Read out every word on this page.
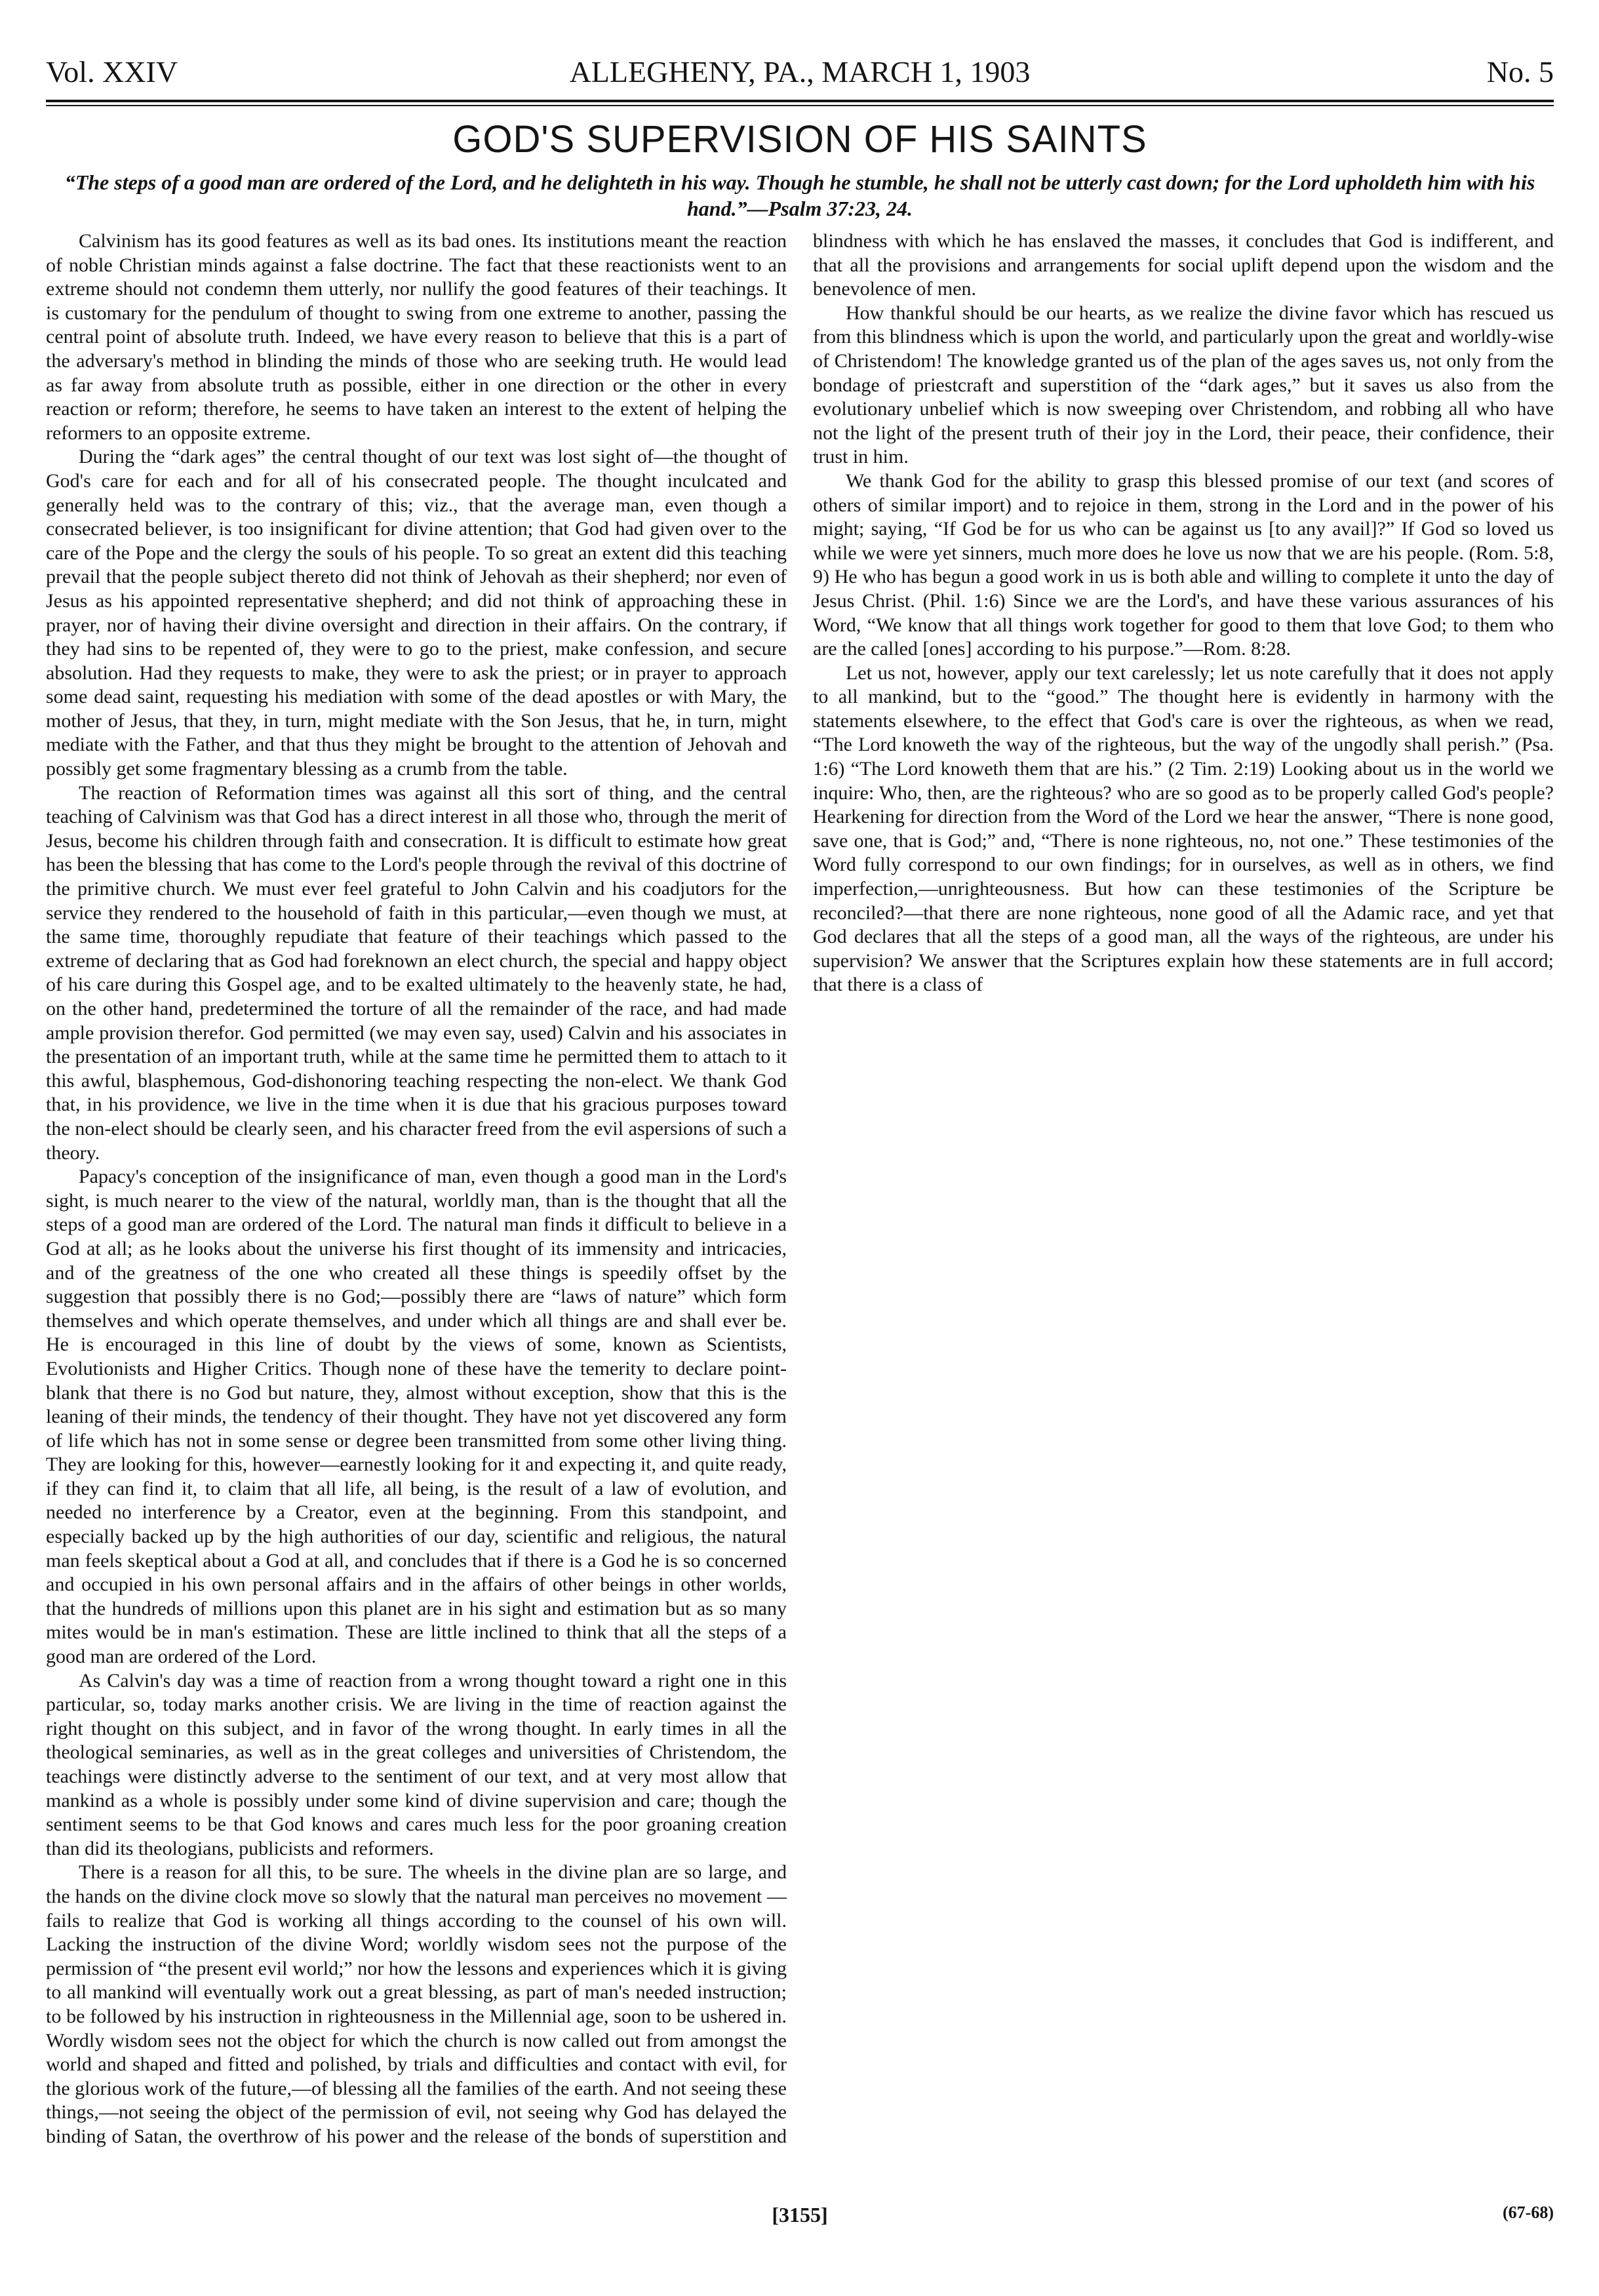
Vol. XXIV	ALLEGHENY, PA., MARCH 1, 1903	No. 5
GOD'S SUPERVISION OF HIS SAINTS
“The steps of a good man are ordered of the Lord, and he delighteth in his way. Though he stumble, he shall not be utterly cast down; for the Lord upholdeth him with his hand.”—Psalm 37:23, 24.

Calvinism has its good features as well as its bad ones. Its institutions meant the reaction of noble Christian minds against a false doctrine. The fact that these reactionists went to an extreme should not condemn them utterly, nor nullify the good features of their teachings. It is customary for the pendulum of thought to swing from one extreme to another, passing the central point of absolute truth. Indeed, we have every reason to believe that this is a part of the adversary's method in blinding the minds of those who are seeking truth. He would lead as far away from absolute truth as possible, either in one direction or the other in every reaction or reform; therefore, he seems to have taken an interest to the extent of helping the reformers to an opposite extreme.

During the “dark ages” the central thought of our text was lost sight of—the thought of God's care for each and for all of his consecrated people. The thought inculcated and generally held was to the contrary of this; viz., that the average man, even though a consecrated believer, is too insignificant for divine attention; that God had given over to the care of the Pope and the clergy the souls of his people. To so great an extent did this teaching prevail that the people subject thereto did not think of Jehovah as their shepherd; nor even of Jesus as his appointed representative shepherd; and did not think of approaching these in prayer, nor of having their divine oversight and direction in their affairs. On the contrary, if they had sins to be repented of, they were to go to the priest, make confession, and secure absolution. Had they requests to make, they were to ask the priest; or in prayer to approach some dead saint, requesting his mediation with some of the dead apostles or with Mary, the mother of Jesus, that they, in turn, might mediate with the Son Jesus, that he, in turn, might mediate with the Father, and that thus they might be brought to the attention of Jehovah and possibly get some fragmentary blessing as a crumb from the table.

The reaction of Reformation times was against all this sort of thing, and the central teaching of Calvinism was that God has a direct interest in all those who, through the merit of Jesus, become his children through faith and consecration. It is difficult to estimate how great has been the blessing that has come to the Lord's people through the revival of this doctrine of the primitive church. We must ever feel grateful to John Calvin and his coadjutors for the service they rendered to the household of faith in this particular,—even though we must, at the same time, thoroughly repudiate that feature of their teachings which passed to the extreme of declaring that as God had foreknown an elect church, the special and happy object of his care during this Gospel age, and to be exalted ultimately to the heavenly state, he had, on the other hand, predetermined the torture of all the remainder of the race, and had made ample provision therefor. God permitted (we may even say, used) Calvin and his associates in the presentation of an important truth, while at the same time he permitted them to attach to it this awful, blasphemous, God-dishonoring teaching respecting the non-elect. We thank God that, in his providence, we live in the time when it is due that his gracious purposes toward the non-elect should be clearly seen, and his character freed from the evil aspersions of such a theory.

Papacy's conception of the insignificance of man, even though a good man in the Lord's sight, is much nearer to the view of the natural, worldly man, than is the thought that all the steps of a good man are ordered of the Lord. The natural man finds it difficult to believe in a God at all; as he looks about the universe his first thought of its immensity and intricacies, and of the greatness of the one who created all these things is speedily offset by the suggestion that possibly there is no God;—possibly there are “laws of nature” which form themselves and which operate themselves, and under which all things are and shall ever be. He is encouraged in this line of doubt by the views of some, known as Scientists, Evolutionists and Higher Critics. Though none of these have the temerity to declare point-blank that there is no God but nature, they, almost without exception, show that this is the leaning of their minds, the tendency of their thought. They have not yet discovered any form of life which has not in some sense or degree been transmitted from some other living thing. They are looking for this, however—earnestly looking for it and expecting it, and quite ready, if they can find it, to claim that all life, all being, is the result of a law of evolution, and needed no interference by a Creator, even at the beginning. From this standpoint, and especially backed up by the high authorities of our day, scientific and religious, the natural man feels skeptical about a God at all, and concludes that if there is a God he is so concerned and occupied in his own personal affairs and in the affairs of other beings in other worlds, that the hundreds of millions upon this planet are in his sight and estimation but as so many mites would be in man's estimation. These are little inclined to think that all the steps of a good man are ordered of the Lord.

As Calvin's day was a time of reaction from a wrong thought toward a right one in this particular, so, today marks another crisis. We are living in the time of reaction against the right thought on this subject, and in favor of the wrong thought. In early times in all the theological seminaries, as well as in the great colleges and universities of Christendom, the teachings were distinctly adverse to the sentiment of our text, and at very most allow that mankind as a whole is possibly under some kind of divine supervision and care; though the sentiment seems to be that God knows and cares much less for the poor groaning creation than did its theologians, publicists and reformers.

There is a reason for all this, to be sure. The wheels in the divine plan are so large, and the hands on the divine clock move so slowly that the natural man perceives no movement —fails to realize that God is working all things according to the counsel of his own will. Lacking the instruction of the divine Word; worldly wisdom sees not the purpose of the permission of “the present evil world;” nor how the lessons and experiences which it is giving to all mankind will eventually work out a great blessing, as part of man's needed instruction; to be followed by his instruction in righteousness in the Millennial age, soon to be ushered in. Wordly wisdom sees not the object for which the church is now called out from amongst the world and shaped and fitted and polished, by trials and difficulties and contact with evil, for the glorious work of the future,—of blessing all the families of the earth. And not seeing these things,—not seeing the object of the permission of evil, not seeing why God has delayed the binding of Satan, the overthrow of his power and the release of the bonds of superstition and blindness with which he has enslaved the masses, it concludes that God is indifferent, and that all the provisions and arrangements for social uplift depend upon the wisdom and the benevolence of men.

How thankful should be our hearts, as we realize the divine favor which has rescued us from this blindness which is upon the world, and particularly upon the great and worldly-wise of Christendom! The knowledge granted us of the plan of the ages saves us, not only from the bondage of priestcraft and superstition of the “dark ages,” but it saves us also from the evolutionary unbelief which is now sweeping over Christendom, and robbing all who have not the light of the present truth of their joy in the Lord, their peace, their confidence, their trust in him.

We thank God for the ability to grasp this blessed promise of our text (and scores of others of similar import) and to rejoice in them, strong in the Lord and in the power of his might; saying, “If God be for us who can be against us [to any avail]?” If God so loved us while we were yet sinners, much more does he love us now that we are his people. (Rom. 5:8, 9) He who has begun a good work in us is both able and willing to complete it unto the day of Jesus Christ. (Phil. 1:6) Since we are the Lord's, and have these various assurances of his Word, “We know that all things work together for good to them that love God; to them who are the called [ones] according to his purpose.”—Rom. 8:28.

Let us not, however, apply our text carelessly; let us note carefully that it does not apply to all mankind, but to the “good.” The thought here is evidently in harmony with the statements elsewhere, to the effect that God's care is over the righteous, as when we read, “The Lord knoweth the way of the righteous, but the way of the ungodly shall perish.” (Psa. 1:6) “The Lord knoweth them that are his.” (2 Tim. 2:19) Looking about us in the world we inquire: Who, then, are the righteous? who are so good as to be properly called God's people? Hearkening for direction from the Word of the Lord we hear the answer, “There is none good, save one, that is God;” and, “There is none righteous, no, not one.” These testimonies of the Word fully correspond to our own findings; for in ourselves, as well as in others, we find imperfection,—unrighteousness. But how can these testimonies of the Scripture be reconciled?—that there are none righteous, none good of all the Adamic race, and yet that God declares that all the steps of a good man, all the ways of the righteous, are under his supervision? We answer that the Scriptures explain how these statements are in full accord; that there is a class of

[3155]	(67-68)
